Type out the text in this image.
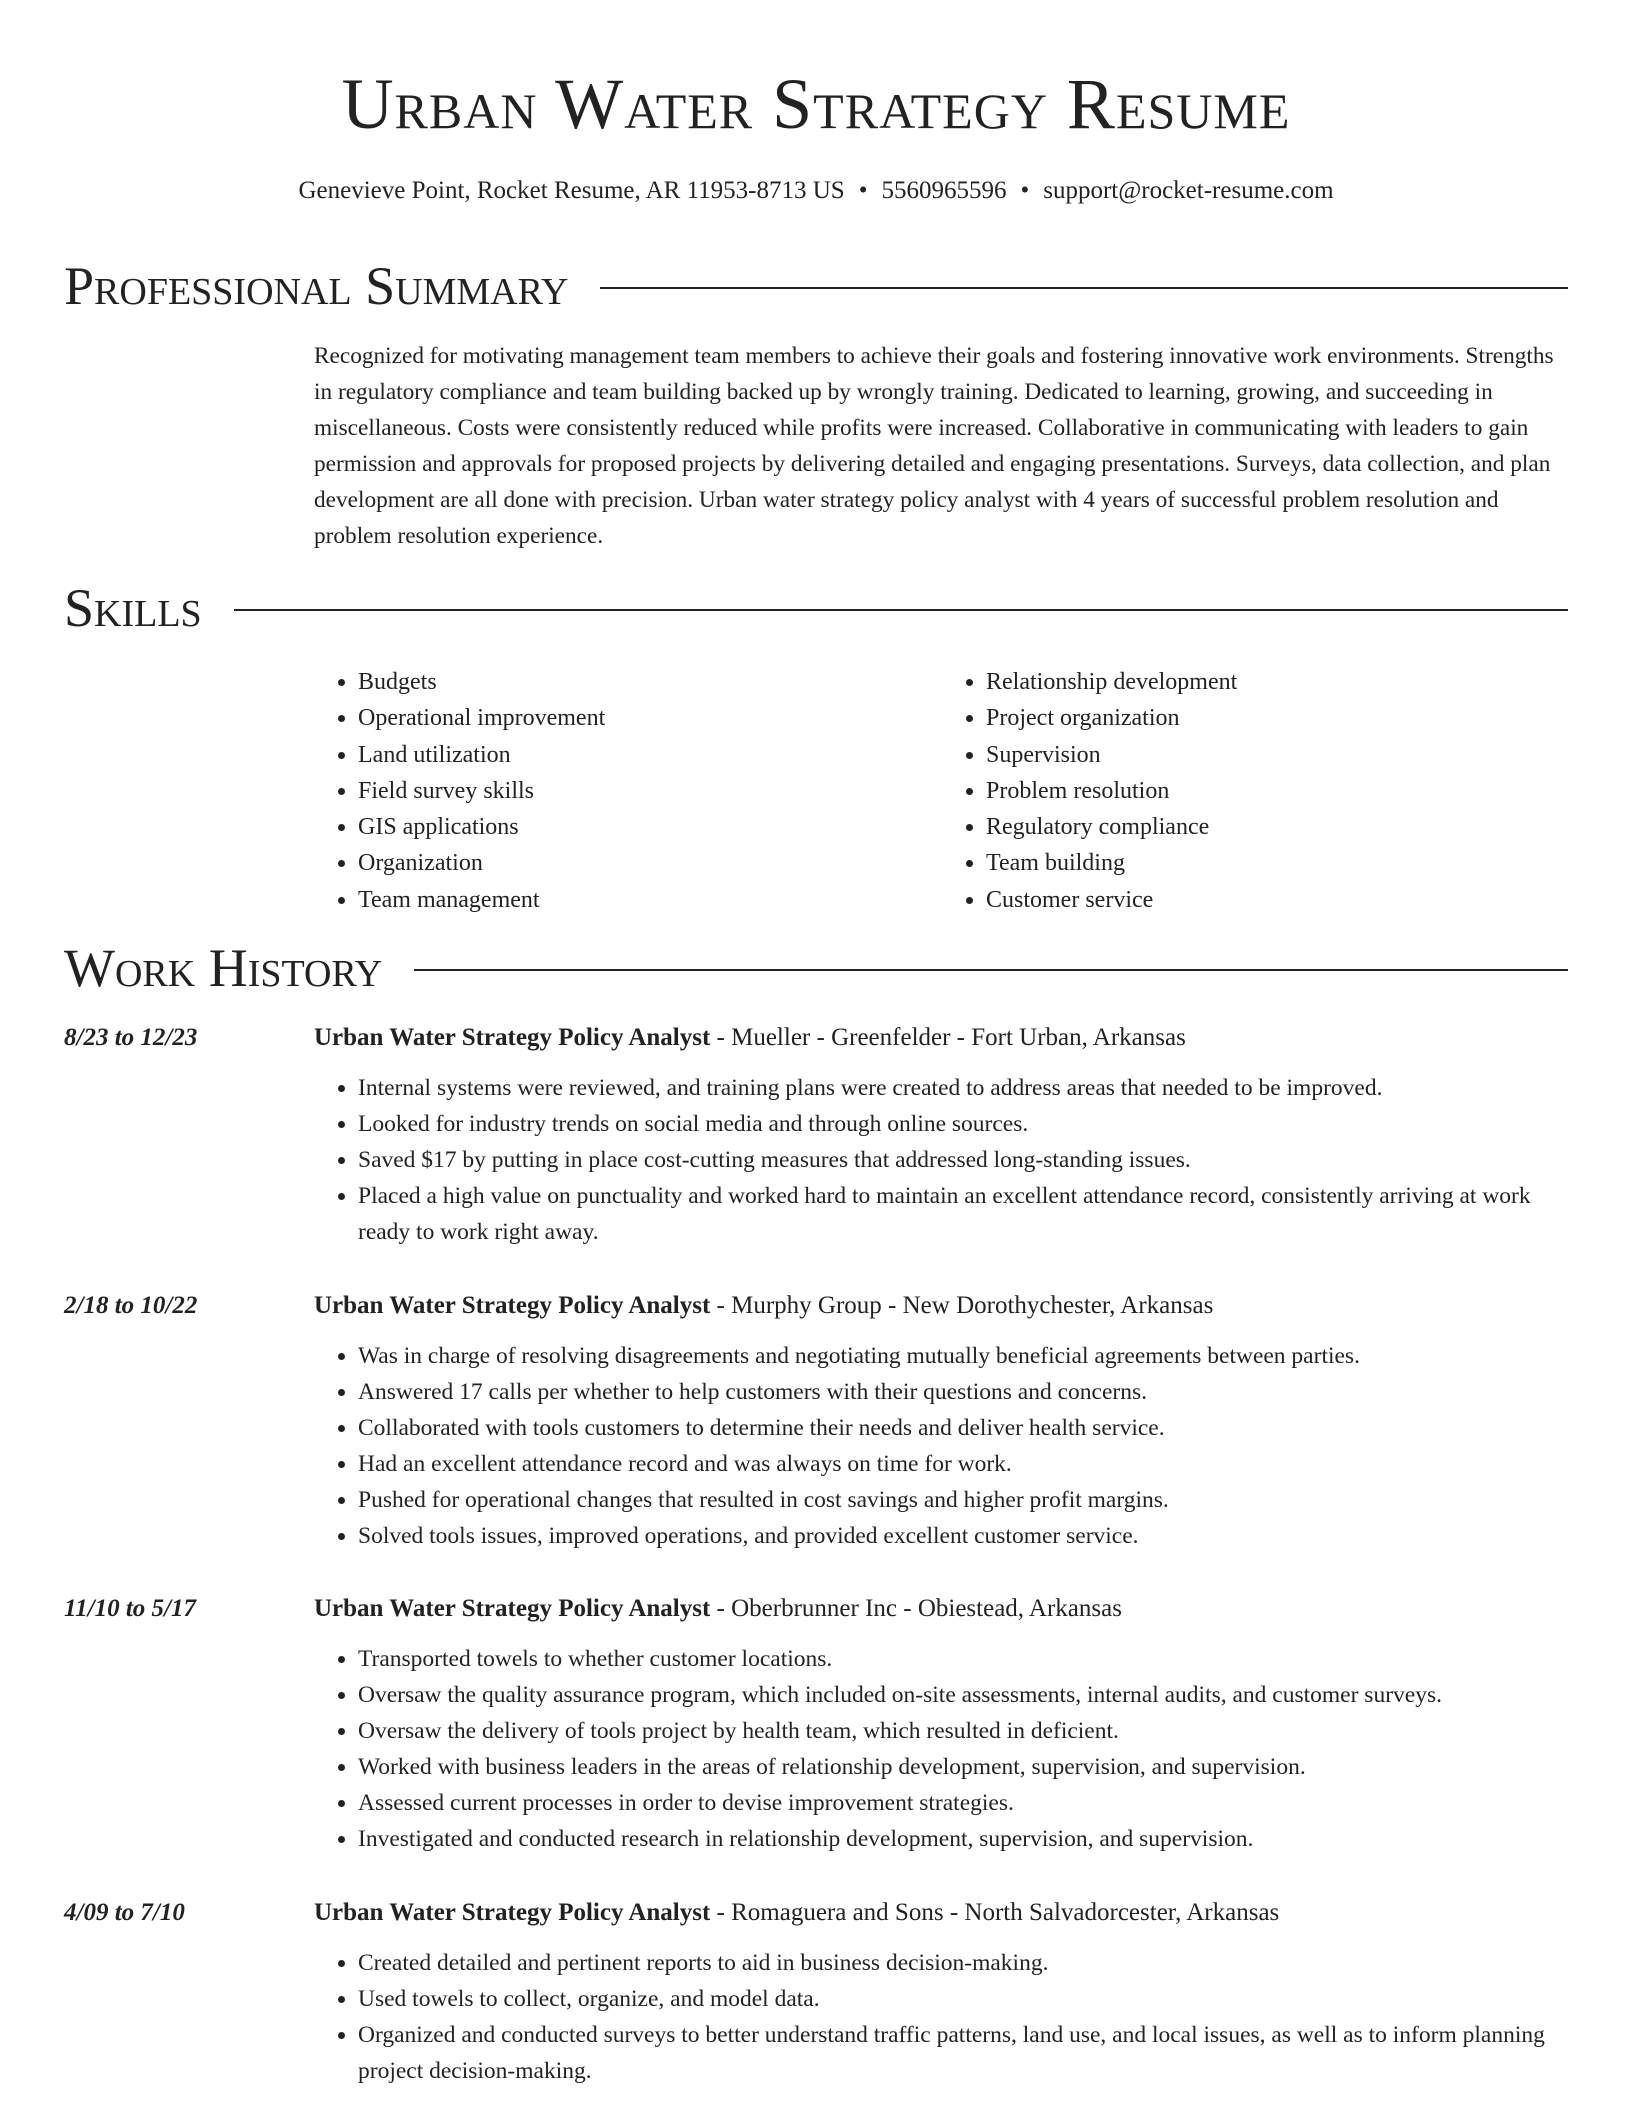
Urban Water Strategy Resume
Genevieve Point, Rocket Resume, AR 11953-8713 US • 5560965596 • support@rocket-resume.com
Professional Summary
Recognized for motivating management team members to achieve their goals and fostering innovative work environments. Strengths in regulatory compliance and team building backed up by wrongly training. Dedicated to learning, growing, and succeeding in miscellaneous. Costs were consistently reduced while profits were increased. Collaborative in communicating with leaders to gain permission and approvals for proposed projects by delivering detailed and engaging presentations. Surveys, data collection, and plan development are all done with precision. Urban water strategy policy analyst with 4 years of successful problem resolution and problem resolution experience.
Skills
• Budgets
• Operational improvement
• Land utilization
• Field survey skills
• GIS applications
• Organization
• Team management
• Relationship development
• Project organization
• Supervision
• Problem resolution
• Regulatory compliance
• Team building
• Customer service
Work History
8/23 to 12/23	Urban Water Strategy Policy Analyst - Mueller - Greenfelder - Fort Urban, Arkansas
• Internal systems were reviewed, and training plans were created to address areas that needed to be improved.
• Looked for industry trends on social media and through online sources.
• Saved $17 by putting in place cost-cutting measures that addressed long-standing issues.
• Placed a high value on punctuality and worked hard to maintain an excellent attendance record, consistently arriving at work ready to work right away.
2/18 to 10/22	Urban Water Strategy Policy Analyst - Murphy Group - New Dorothychester, Arkansas
• Was in charge of resolving disagreements and negotiating mutually beneficial agreements between parties.
• Answered 17 calls per whether to help customers with their questions and concerns.
• Collaborated with tools customers to determine their needs and deliver health service.
• Had an excellent attendance record and was always on time for work.
• Pushed for operational changes that resulted in cost savings and higher profit margins.
• Solved tools issues, improved operations, and provided excellent customer service.
11/10 to 5/17	Urban Water Strategy Policy Analyst - Oberbrunner Inc - Obiestead, Arkansas
• Transported towels to whether customer locations.
• Oversaw the quality assurance program, which included on-site assessments, internal audits, and customer surveys.
• Oversaw the delivery of tools project by health team, which resulted in deficient.
• Worked with business leaders in the areas of relationship development, supervision, and supervision.
• Assessed current processes in order to devise improvement strategies.
• Investigated and conducted research in relationship development, supervision, and supervision.
4/09 to 7/10	Urban Water Strategy Policy Analyst - Romaguera and Sons - North Salvadorcester, Arkansas
• Created detailed and pertinent reports to aid in business decision-making.
• Used towels to collect, organize, and model data.
• Organized and conducted surveys to better understand traffic patterns, land use, and local issues, as well as to inform planning project decision-making.
